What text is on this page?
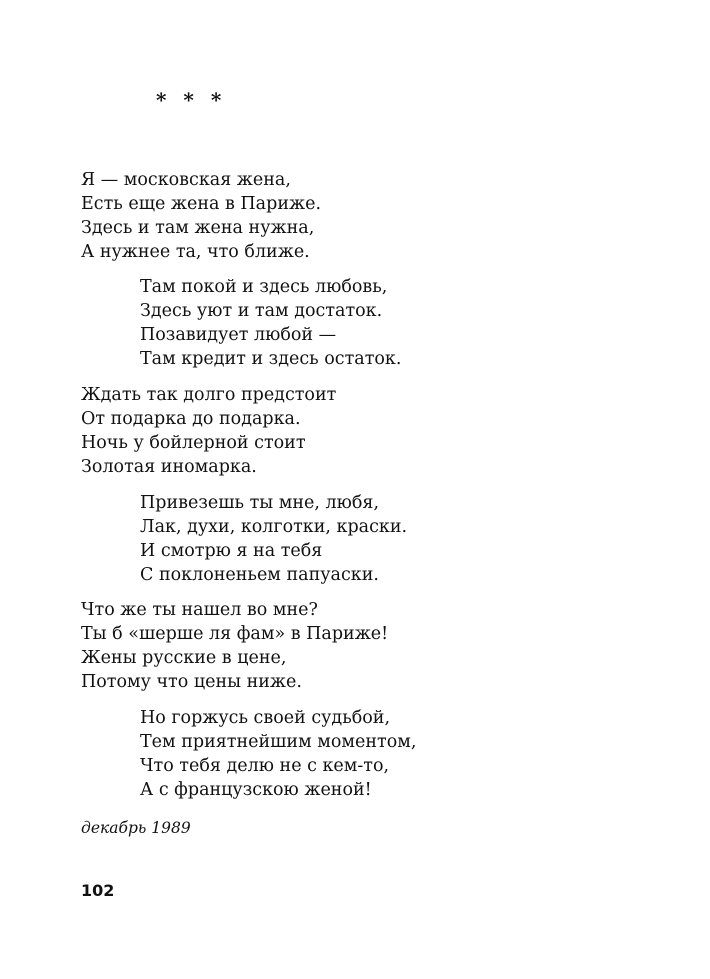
* * *
Я — московская жена,
Есть еще жена в Париже.
Здесь и там жена нужна,
А нужнее та, что ближе.
Там покой и здесь любовь,
Здесь уют и там достаток.
Позавидует любой —
Там кредит и здесь остаток.
Ждать так долго предстоит
От подарка до подарка.
Ночь у бойлерной стоит
Золотая иномарка.
Привезешь ты мне, любя,
Лак, духи, колготки, краски.
И смотрю я на тебя
С поклоненьем папуаски.
Что же ты нашел во мне?
Ты б «шерше ля фам» в Париже!
Жены русские в цене,
Потому что цены ниже.
Но горжусь своей судьбой,
Тем приятнейшим моментом,
Что тебя делю не с кем-то,
А с французскою женой!
декабрь 1989
102
